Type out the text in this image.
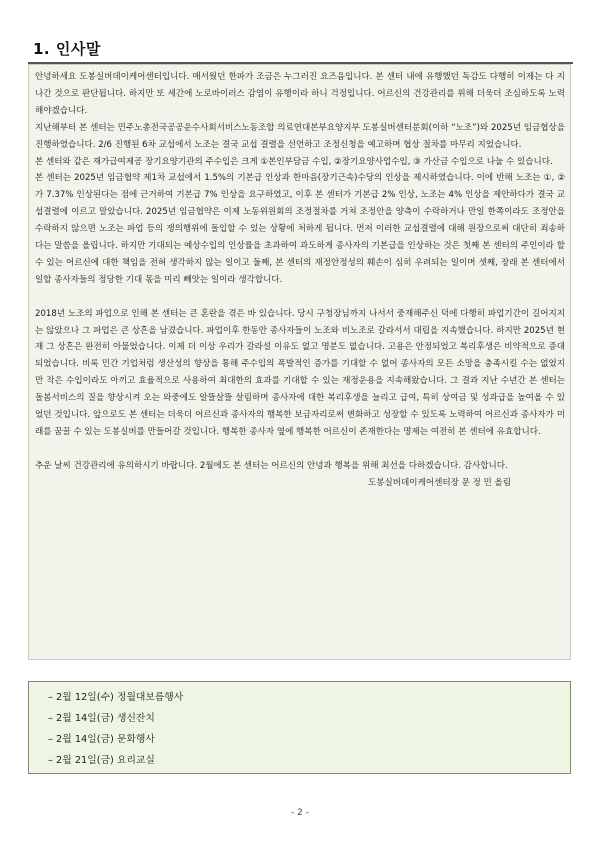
1. 인사말

안녕하세요 도봉실버데이케어센터입니다. 매서웠던 한파가 조금은 누그러진 요즈음입니다. 본 센터 내에 유행했던 독감도 다행히 이제는 다 지나간 것으로 판단됩니다. 하지만 또 세간에 노로바이러스 감염이 유행이라 하니 걱정입니다. 어르신의 건강관리를 위해 더욱더 조심하도록 노력해야겠습니다.

지난해부터 본 센터는 민주노총전국공공운수사회서비스노동조합 의료연대본부요양지부 도봉실버센터분회(이하 “노조”)와 2025년 임금협상을 진행하였습니다. 2/6 진행된 6차 교섭에서 노조는 결국 교섭 결렬을 선언하고 조정신청을 예고하며 협상 절차를 마무리 지었습니다.

본 센터와 같은 재가급여제공 장기요양기관의 주수입은 크게 ①본인부담금 수입, ②장기요양사업수입, ③ 가산금 수입으로 나눌 수 있습니다.

본 센터는 2025년 임금협약 제1차 교섭에서 1.5%의 기본급 인상과 한마음(장기근속)수당의 인상을 제시하였습니다. 이에 반해 노조는 ①, ②가 7.37% 인상된다는 점에 근거하여 기본급 7% 인상을 요구하였고, 이후 본 센터가 기본급 2% 인상, 노조는 4% 인상을 제안하다가 결국 교섭결렬에 이르고 말았습니다. 2025년 임금협약은 이제 노동위원회의 조정절차를 거쳐 조정안을 양측이 수락하거나 만일 한쪽이라도 조정안을 수락하지 않으면 노조는 파업 등의 쟁의행위에 돌입할 수 있는 상황에 처하게 됩니다. 먼저 이러한 교섭결렬에 대해 원장으로써 대단히 죄송하다는 말씀을 올립니다. 하지만 기대되는 예상수입의 인상률을 초과하여 과도하게 종사자의 기본급을 인상하는 것은 첫째 본 센터의 주인이라 할 수 있는 어르신에 대한 책임을 전혀 생각하지 않는 일이고 둘째, 본 센터의 재정안정성의 훼손이 심히 우려되는 일이며 셋째, 장래 본 센터에서 일할 종사자들의 정당한 기대 몫을 미리 빼앗는 일이라 생각합니다.

2018년 노조의 파업으로 인해 본 센터는 큰 혼란을 겪은 바 있습니다. 당시 구청장님까지 나서서 중재해주신 덕에 다행히 파업기간이 길어지지는 않았으나 그 파업은 큰 상흔을 남겼습니다. 파업이후 한동안 종사자들이 노조와 비노조로 갈라서서 대립을 지속했습니다. 하지만 2025년 현재 그 상흔은 완전히 아물었습니다. 이제 더 이상 우리가 갈라설 이유도 없고 명분도 없습니다. 고용은 안정되었고 복리후생은 비약적으로 증대되었습니다. 비록 민간 기업처럼 생산성의 향상을 통해 주수입의 폭발적인 증가를 기대할 수 없어 종사자의 모든 소망을 충족시킬 수는 없었지만 작은 수입이라도 아끼고 효율적으로 사용하여 최대한의 효과를 기대할 수 있는 재정운용을 지속해왔습니다. 그 결과 지난 수년간 본 센터는 돌봄서비스의 질을 향상시켜 오는 와중에도 알뜰살뜰 살림하며 종사자에 대한 복리후생을 늘리고 급여, 특히 상여금 및 성과급을 높여올 수 있었던 것입니다. 앞으로도 본 센터는 더욱더 어르신과 종사자의 행복한 보금자리로써 변화하고 성장할 수 있도록 노력하여 어르신과 종사자가 미래를 꿈꿀 수 있는 도봉실버를 만들어갈 것입니다. 행복한 종사자 옆에 행복한 어르신이 존재한다는 명제는 여전히 본 센터에 유효합니다.

추운 날씨 건강관리에 유의하시기 바랍니다. 2월에도 본 센터는 어르신의 안녕과 행복을 위해 최선을 다하겠습니다. 감사합니다.

도봉실버데이케어센터장 문 정 민 올림

– 2월 12일(수) 정월대보름행사
– 2월 14일(금) 생신잔치
– 2월 14일(금) 문화행사
– 2월 21일(금) 요리교실
- 2 -
